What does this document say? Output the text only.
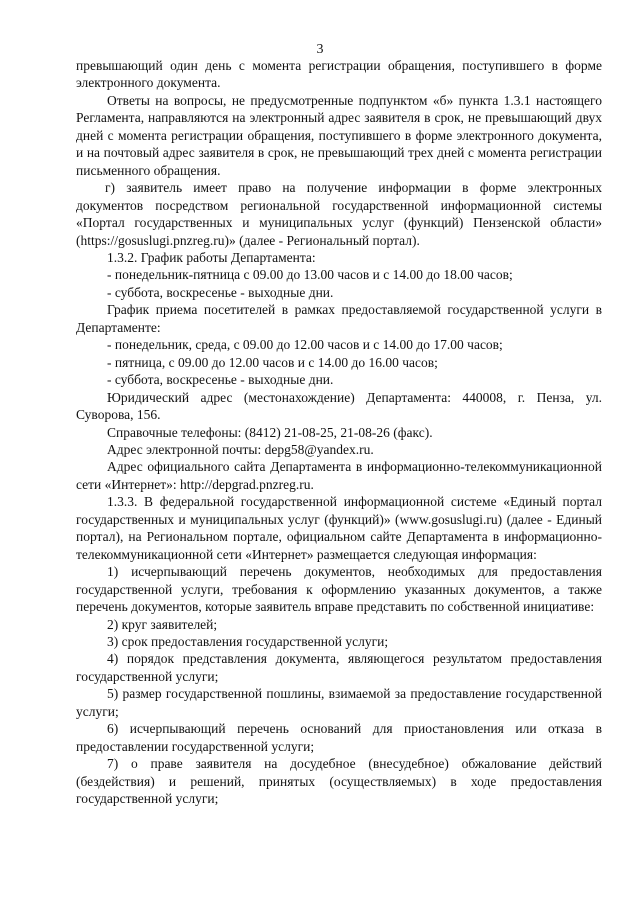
3

превышающий один день с момента регистрации обращения, поступившего в форме электронного документа.

Ответы на вопросы, не предусмотренные подпунктом «б» пункта 1.3.1 настоящего Регламента, направляются на электронный адрес заявителя в срок, не превышающий двух дней с момента регистрации обращения, поступившего в форме электронного документа, и на почтовый адрес заявителя в срок, не превышающий трех дней с момента регистрации письменного обращения.

г) заявитель имеет право на получение информации в форме электронных документов посредством региональной государственной информационной системы «Портал государственных и муниципальных услуг (функций) Пензенской области» (https://gosuslugi.pnzreg.ru)» (далее - Региональный портал).

1.3.2. График работы Департамента:

- понедельник-пятница с 09.00 до 13.00 часов и с 14.00 до 18.00 часов;

- суббота, воскресенье - выходные дни.

График приема посетителей в рамках предоставляемой государственной услуги в Департаменте:

- понедельник, среда, с 09.00 до 12.00 часов и с 14.00 до 17.00 часов;

- пятница, с 09.00 до 12.00 часов и с 14.00 до 16.00 часов;

- суббота, воскресенье - выходные дни.

Юридический адрес (местонахождение) Департамента: 440008, г. Пенза, ул. Суворова, 156.

Справочные телефоны: (8412) 21-08-25, 21-08-26 (факс).

Адрес электронной почты: depg58@yandex.ru.

Адрес официального сайта Департамента в информационно-телекоммуникационной сети «Интернет»: http://depgrad.pnzreg.ru.

1.3.3. В федеральной государственной информационной системе «Единый портал государственных и муниципальных услуг (функций)» (www.gosuslugi.ru) (далее - Единый портал), на Региональном портале, официальном сайте Департамента в информационно-телекоммуникационной сети «Интернет» размещается следующая информация:

1) исчерпывающий перечень документов, необходимых для предоставления государственной услуги, требования к оформлению указанных документов, а также перечень документов, которые заявитель вправе представить по собственной инициативе:

2) круг заявителей;

3) срок предоставления государственной услуги;

4) порядок представления документа, являющегося результатом предоставления государственной услуги;

5) размер государственной пошлины, взимаемой за предоставление государственной услуги;

6) исчерпывающий перечень оснований для приостановления или отказа в предоставлении государственной услуги;

7) о праве заявителя на досудебное (внесудебное) обжалование действий (бездействия) и решений, принятых (осуществляемых) в ходе предоставления государственной услуги;
